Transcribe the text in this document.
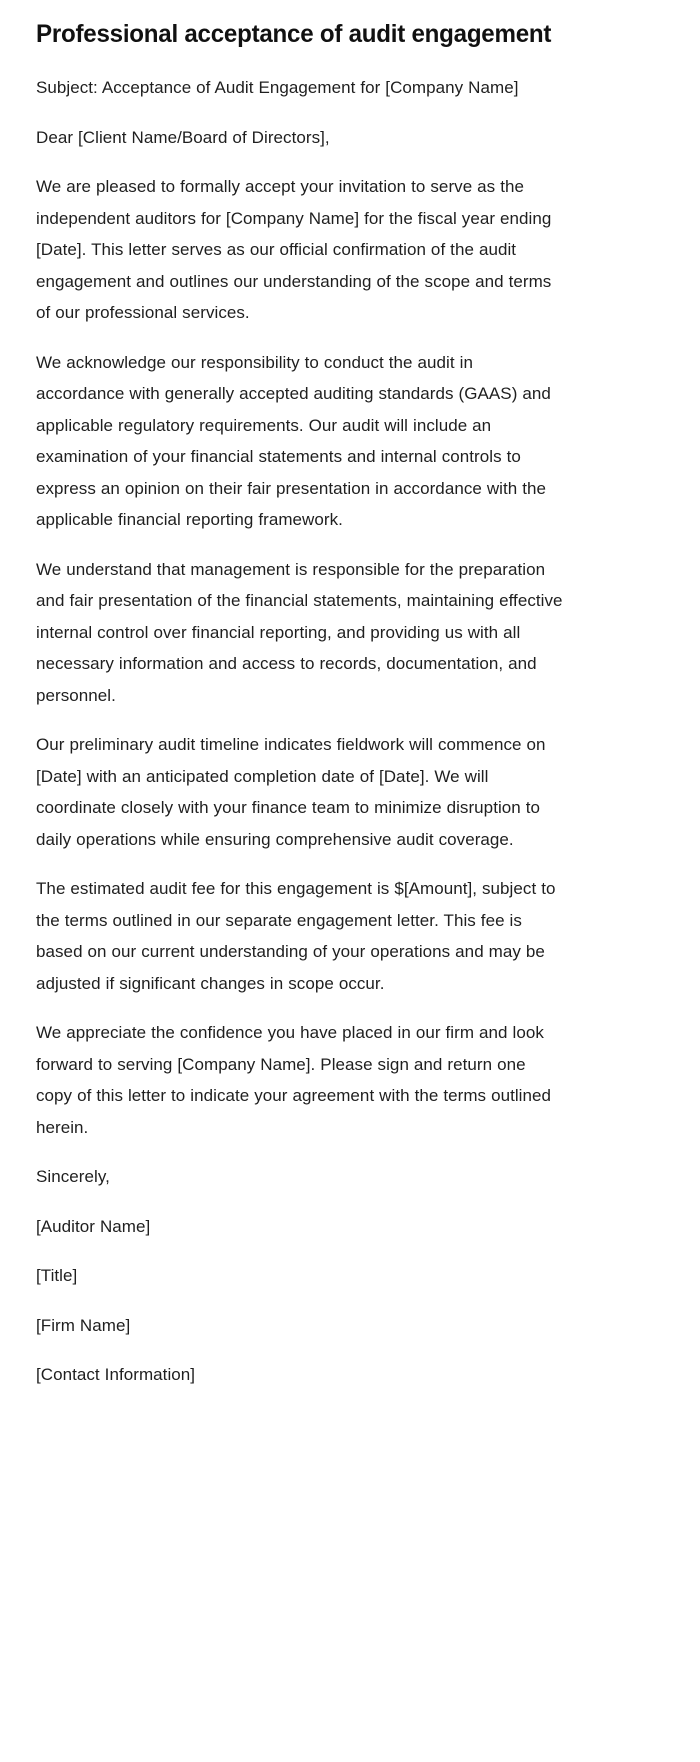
Professional acceptance of audit engagement

Subject: Acceptance of Audit Engagement for [Company Name]

Dear [Client Name/Board of Directors],

We are pleased to formally accept your invitation to serve as the independent auditors for [Company Name] for the fiscal year ending [Date]. This letter serves as our official confirmation of the audit engagement and outlines our understanding of the scope and terms of our professional services.

We acknowledge our responsibility to conduct the audit in accordance with generally accepted auditing standards (GAAS) and applicable regulatory requirements. Our audit will include an examination of your financial statements and internal controls to express an opinion on their fair presentation in accordance with the applicable financial reporting framework.

We understand that management is responsible for the preparation and fair presentation of the financial statements, maintaining effective internal control over financial reporting, and providing us with all necessary information and access to records, documentation, and personnel.

Our preliminary audit timeline indicates fieldwork will commence on [Date] with an anticipated completion date of [Date]. We will coordinate closely with your finance team to minimize disruption to daily operations while ensuring comprehensive audit coverage.

The estimated audit fee for this engagement is $[Amount], subject to the terms outlined in our separate engagement letter. This fee is based on our current understanding of your operations and may be adjusted if significant changes in scope occur.

We appreciate the confidence you have placed in our firm and look forward to serving [Company Name]. Please sign and return one copy of this letter to indicate your agreement with the terms outlined herein.

Sincerely,

[Auditor Name]

[Title]

[Firm Name]

[Contact Information]
